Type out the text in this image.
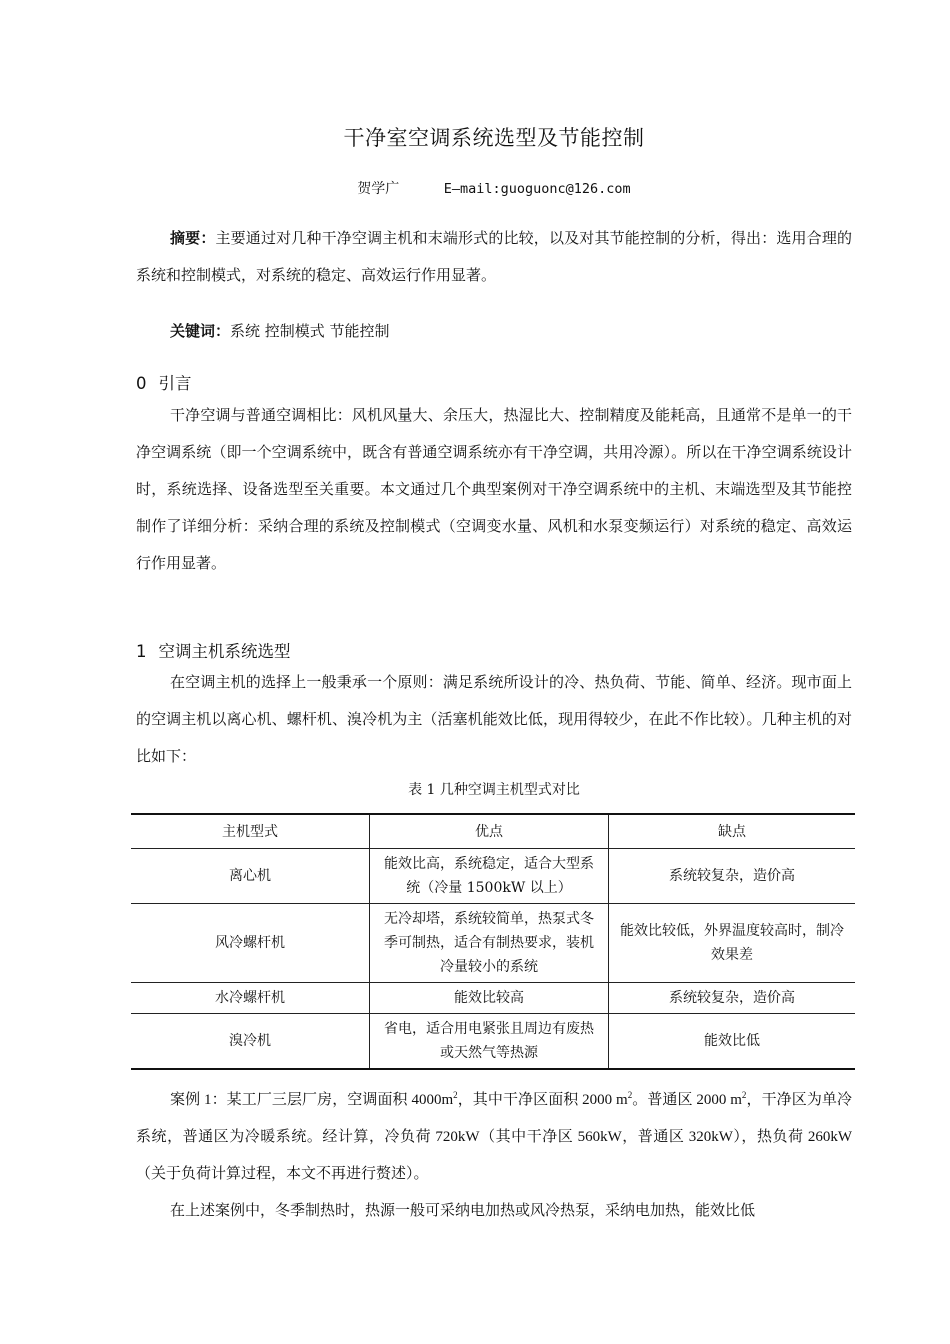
干净室空调系统选型及节能控制
贺学广	E—mail:guoguonc@126.com
摘要：主要通过对几种干净空调主机和末端形式的比较，以及对其节能控制的分析，得出：选用合理的系统和控制模式，对系统的稳定、高效运行作用显著。
关键词：系统 控制模式 节能控制
0 引言
干净空调与普通空调相比：风机风量大、余压大，热湿比大、控制精度及能耗高，且通常不是单一的干净空调系统（即一个空调系统中，既含有普通空调系统亦有干净空调，共用冷源）。所以在干净空调系统设计时，系统选择、设备选型至关重要。本文通过几个典型案例对干净空调系统中的主机、末端选型及其节能控制作了详细分析：采纳合理的系统及控制模式（空调变水量、风机和水泵变频运行）对系统的稳定、高效运行作用显著。
1 空调主机系统选型
在空调主机的选择上一般秉承一个原则：满足系统所设计的冷、热负荷、节能、简单、经济。现市面上的空调主机以离心机、螺杆机、溴冷机为主（活塞机能效比低，现用得较少，在此不作比较）。几种主机的对比如下：
表 1 几种空调主机型式对比
主机型式	优点	缺点
离心机	能效比高，系统稳定，适合大型系统（冷量 1500kW 以上）	系统较复杂，造价高
风冷螺杆机	无冷却塔，系统较简单，热泵式冬季可制热，适合有制热要求，装机冷量较小的系统	能效比较低，外界温度较高时，制冷效果差
水冷螺杆机	能效比较高	系统较复杂，造价高
溴冷机	省电，适合用电紧张且周边有废热或天然气等热源	能效比低
案例 1：某工厂三层厂房，空调面积 $4000m^2$，其中干净区面积 2000 $m^2$。普通区 2000 $m^2$，干净区为单冷系统，普通区为冷暖系统。经计算，冷负荷 720kW（其中干净区 560kW，普通区 320kW），热负荷 260kW（关于负荷计算过程，本文不再进行赘述）。
在上述案例中，冬季制热时，热源一般可采纳电加热或风冷热泵，采纳电加热，能效比低
